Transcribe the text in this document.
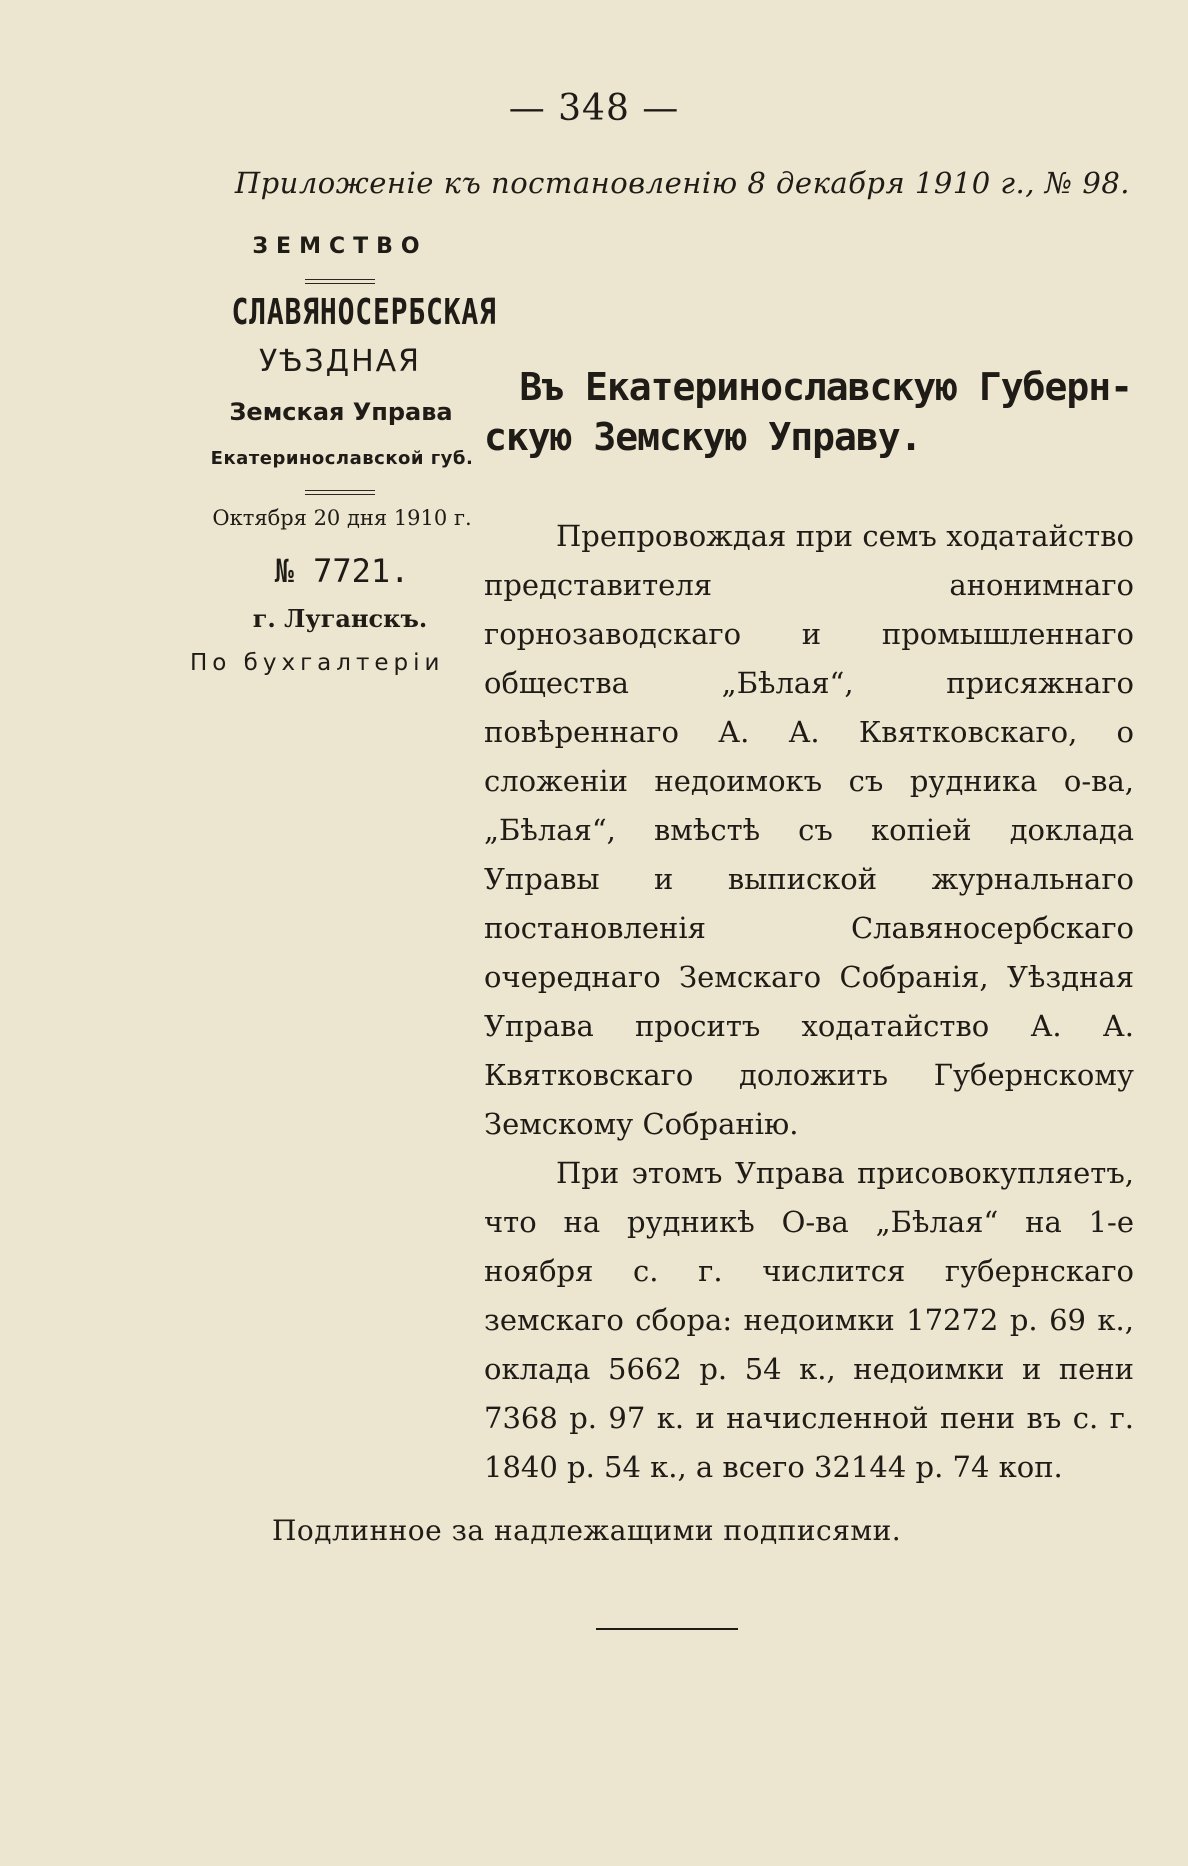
— 348 —
Приложеніе къ постановленію 8 декабря 1910 г., № 98.
ЗЕМСТВО
СЛАВЯНОСЕРБСКАЯ
УѢЗДНАЯ
Земская Управа
Екатеринославской губ.
Октября 20 дня 1910 г.
№ 7721.
г. Луганскъ.
По бухгалтеріи
Въ Екатеринославскую Губерн-
скую Земскую Управу.

Препровождая при семъ ходатайство представителя анонимнаго горнозаводскаго и промышленнаго общества „Бѣлая“, присяжнаго повѣреннаго А. А. Квятковскаго, о сложеніи недоимокъ съ рудника о-ва, „Бѣлая“, вмѣстѣ съ копіей доклада Управы и выпиской журнальнаго постановленія Славяносербскаго очереднаго Земскаго Собранія, Уѣздная Управа проситъ ходатайство А. А. Квятковскаго доложить Губернскому Земскому Собранію.

При этомъ Управа присовокупляетъ, что на рудникѣ О-ва „Бѣлая“ на 1-е ноября с. г. числится губернскаго земскаго сбора: недоимки 17272 р. 69 к., оклада 5662 р. 54 к., недоимки и пени 7368 р. 97 к. и начисленной пени въ с. г. 1840 р. 54 к., а всего 32144 р. 74 коп.

Подлинное за надлежащими подписями.
